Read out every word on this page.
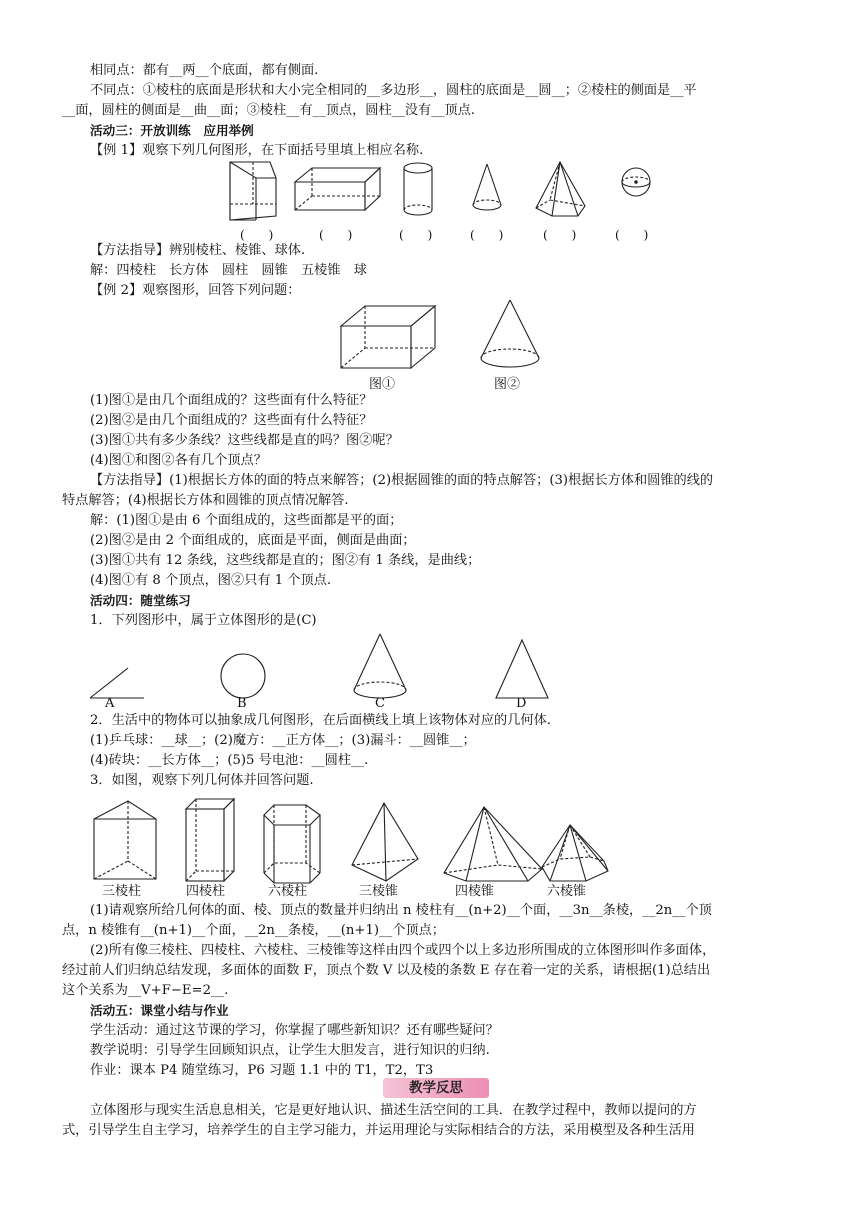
相同点：都有__两__个底面，都有侧面.
不同点：①棱柱的底面是形状和大小完全相同的__多边形__，圆柱的底面是__圆__；②棱柱的侧面是__平
__面，圆柱的侧面是__曲__面；③棱柱__有__顶点，圆柱__没有__顶点.
活动三：开放训练　应用举例
【例 1】观察下列几何图形，在下面括号里填上相应名称.
(　　)	(　　)	(　　)	(　　)	(　　)	(　　)
【方法指导】辨别棱柱、棱锥、球体.
解：四棱柱　长方体　圆柱　圆锥　五棱锥　球
【例 2】观察图形，回答下列问题：
图①	图②
(1)图①是由几个面组成的？这些面有什么特征？
(2)图②是由几个面组成的？这些面有什么特征？
(3)图①共有多少条线？这些线都是直的吗？图②呢？
(4)图①和图②各有几个顶点？
【方法指导】(1)根据长方体的面的特点来解答；(2)根据圆锥的面的特点解答；(3)根据长方体和圆锥的线的
特点解答；(4)根据长方体和圆锥的顶点情况解答.
解：(1)图①是由 6 个面组成的，这些面都是平的面；
(2)图②是由 2 个面组成的，底面是平面，侧面是曲面；
(3)图①共有 12 条线，这些线都是直的；图②有 1 条线，是曲线；
(4)图①有 8 个顶点，图②只有 1 个顶点.
活动四：随堂练习
1．下列图形中，属于立体图形的是(C)
A	B	C	D
2．生活中的物体可以抽象成几何图形，在后面横线上填上该物体对应的几何体.
(1)乒乓球：__球__；(2)魔方：__正方体__；(3)漏斗：__圆锥__；
(4)砖块：__长方体__；(5)5 号电池：__圆柱__.
3．如图，观察下列几何体并回答问题.
三棱柱	四棱柱	六棱柱	三棱锥	四棱锥	六棱锥
(1)请观察所给几何体的面、棱、顶点的数量并归纳出 n 棱柱有__(n+2)__个面，__3n__条棱，__2n__个顶
点，n 棱锥有__(n+1)__个面，__2n__条棱，__(n+1)__个顶点；
(2)所有像三棱柱、四棱柱、六棱柱、三棱锥等这样由四个或四个以上多边形所围成的立体图形叫作多面体，
经过前人们归纳总结发现，多面体的面数 F，顶点个数 V 以及棱的条数 E 存在着一定的关系，请根据(1)总结出
这个关系为__V+F−E=2__.
活动五：课堂小结与作业
学生活动：通过这节课的学习，你掌握了哪些新知识？还有哪些疑问？
教学说明：引导学生回顾知识点，让学生大胆发言，进行知识的归纳.
作业：课本 P4 随堂练习，P6 习题 1.1 中的 T1，T2，T3
教学反思
立体图形与现实生活息息相关，它是更好地认识、描述生活空间的工具．在教学过程中，教师以提问的方
式，引导学生自主学习，培养学生的自主学习能力，并运用理论与实际相结合的方法，采用模型及各种生活用
